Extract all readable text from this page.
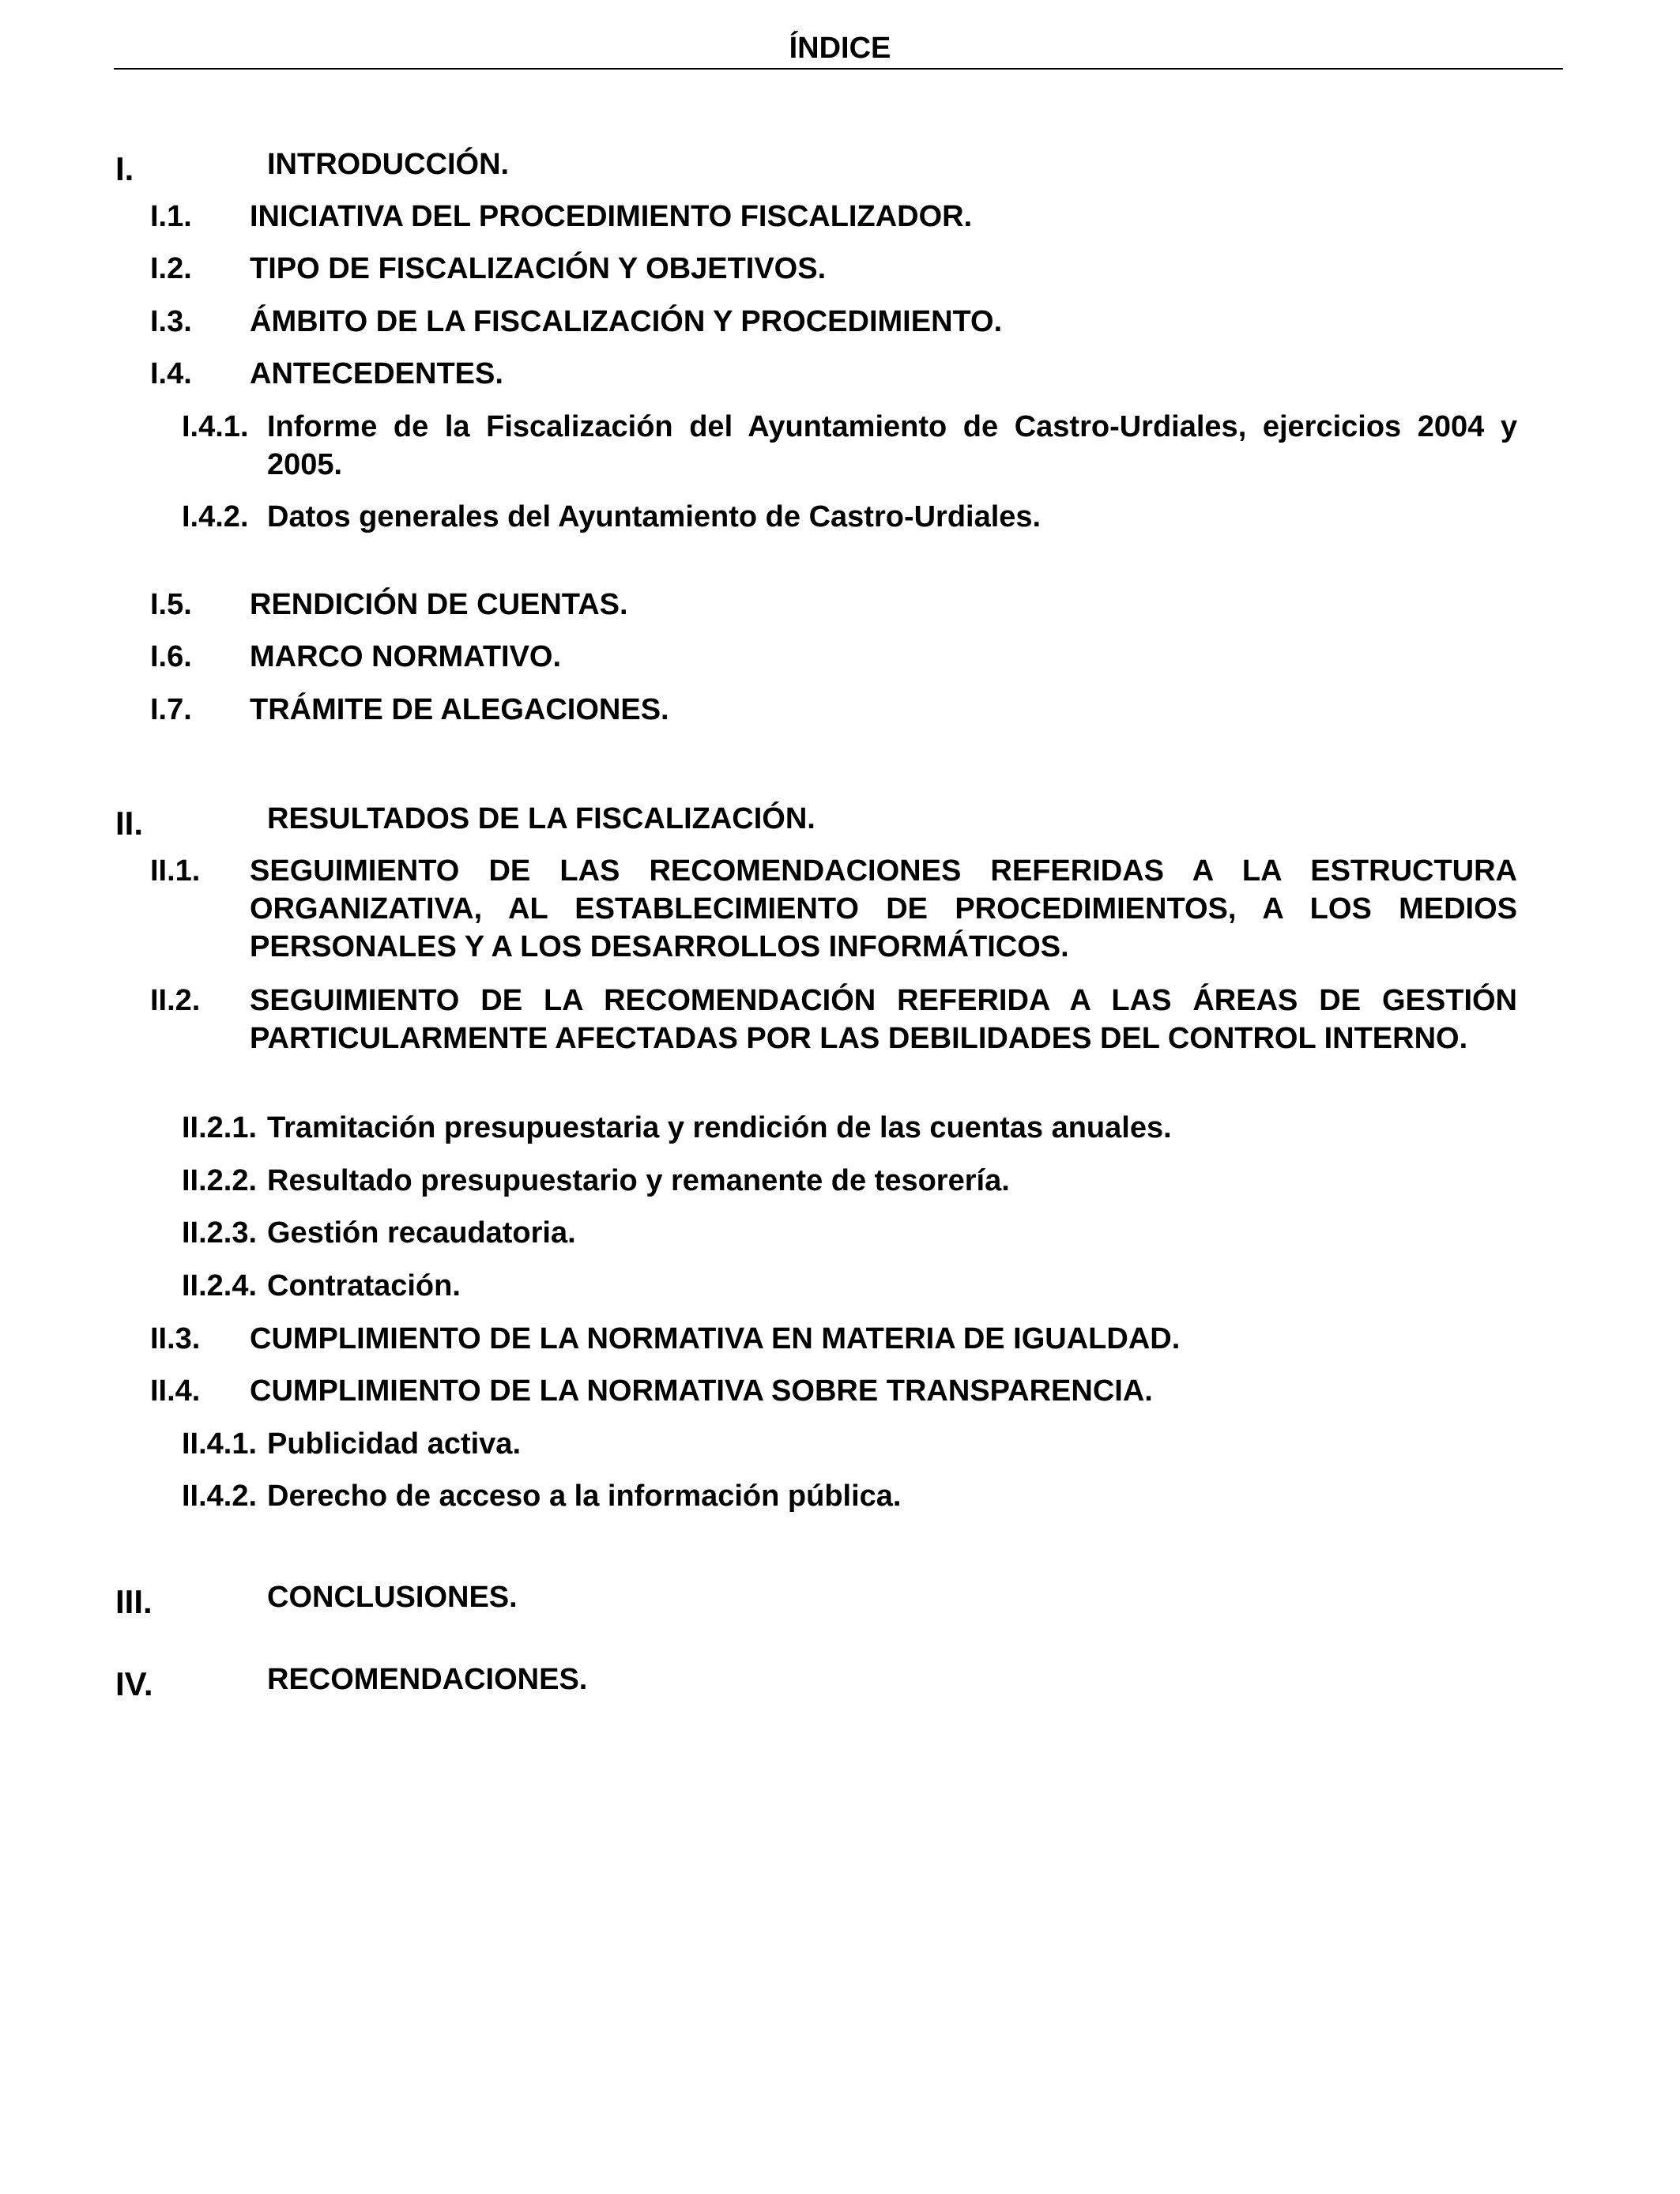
ÍNDICE
I.	INTRODUCCIÓN.
I.1. INICIATIVA DEL PROCEDIMIENTO FISCALIZADOR.
I.2. TIPO DE FISCALIZACIÓN Y OBJETIVOS.
I.3. ÁMBITO DE LA FISCALIZACIÓN Y PROCEDIMIENTO.
I.4. ANTECEDENTES.
I.4.1. Informe de la Fiscalización del Ayuntamiento de Castro-Urdiales, ejercicios 2004 y 2005.
I.4.2. Datos generales del Ayuntamiento de Castro-Urdiales.
I.5. RENDICIÓN DE CUENTAS.
I.6. MARCO NORMATIVO.
I.7. TRÁMITE DE ALEGACIONES.
II.	RESULTADOS DE LA FISCALIZACIÓN.
II.1. SEGUIMIENTO DE LAS RECOMENDACIONES REFERIDAS A LA ESTRUCTURA ORGANIZATIVA, AL ESTABLECIMIENTO DE PROCEDIMIENTOS, A LOS MEDIOS PERSONALES Y A LOS DESARROLLOS INFORMÁTICOS.
II.2. SEGUIMIENTO DE LA RECOMENDACIÓN REFERIDA A LAS ÁREAS DE GESTIÓN PARTICULARMENTE AFECTADAS POR LAS DEBILIDADES DEL CONTROL INTERNO.
II.2.1. Tramitación presupuestaria y rendición de las cuentas anuales.
II.2.2. Resultado presupuestario y remanente de tesorería.
II.2.3. Gestión recaudatoria.
II.2.4. Contratación.
II.3. CUMPLIMIENTO DE LA NORMATIVA EN MATERIA DE IGUALDAD.
II.4. CUMPLIMIENTO DE LA NORMATIVA SOBRE TRANSPARENCIA.
II.4.1. Publicidad activa.
II.4.2. Derecho de acceso a la información pública.
III.	CONCLUSIONES.
IV.	RECOMENDACIONES.
